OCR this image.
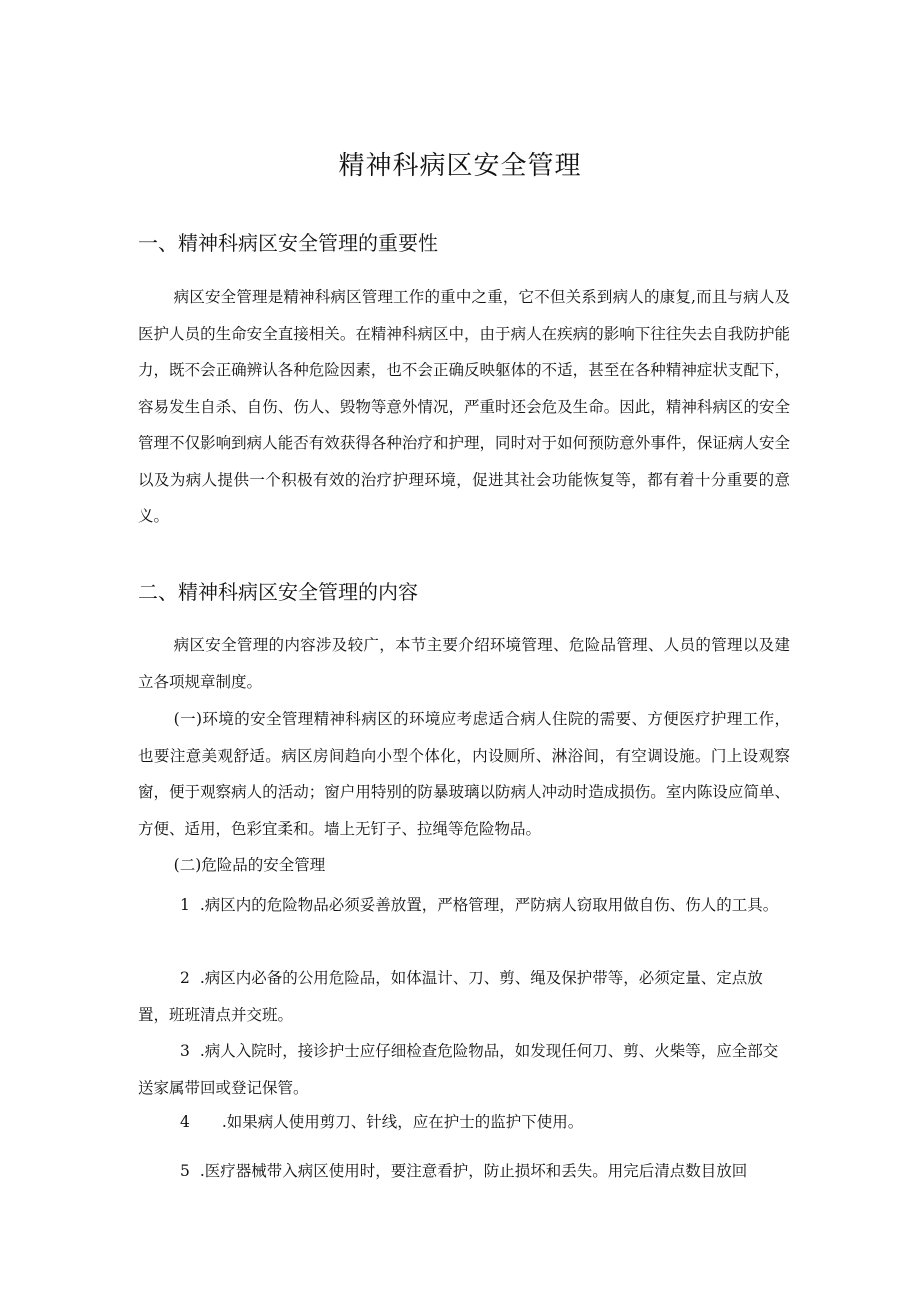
精神科病区安全管理
一、精神科病区安全管理的重要性

病区安全管理是精神科病区管理工作的重中之重，它不但关系到病人的康复,而且与病人及医护人员的生命安全直接相关。在精神科病区中，由于病人在疾病的影响下往往失去自我防护能力，既不会正确辨认各种危险因素，也不会正确反映躯体的不适，甚至在各种精神症状支配下，容易发生自杀、自伤、伤人、毁物等意外情况，严重时还会危及生命。因此，精神科病区的安全管理不仅影响到病人能否有效获得各种治疗和护理，同时对于如何预防意外事件，保证病人安全以及为病人提供一个积极有效的治疗护理环境，促进其社会功能恢复等，都有着十分重要的意义。

二、精神科病区安全管理的内容

病区安全管理的内容涉及较广，本节主要介绍环境管理、危险品管理、人员的管理以及建立各项规章制度。

(一)环境的安全管理精神科病区的环境应考虑适合病人住院的需要、方便医疗护理工作，也要注意美观舒适。病区房间趋向小型个体化，内设厕所、淋浴间，有空调设施。门上设观察窗，便于观察病人的活动；窗户用特别的防暴玻璃以防病人冲动时造成损伤。室内陈设应简单、方便、适用，色彩宜柔和。墙上无钉子、拉绳等危险物品。

(二)危险品的安全管理

1 .病区内的危险物品必须妥善放置，严格管理，严防病人窃取用做自伤、伤人的工具。

2 .病区内必备的公用危险品，如体温计、刀、剪、绳及保护带等，必须定量、定点放置，班班清点并交班。

3 .病人入院时，接诊护士应仔细检查危险物品，如发现任何刀、剪、火柴等，应全部交送家属带回或登记保管。

4 .如果病人使用剪刀、针线，应在护士的监护下使用。

5 .医疗器械带入病区使用时，要注意看护，防止损坏和丢失。用完后清点数目放回
